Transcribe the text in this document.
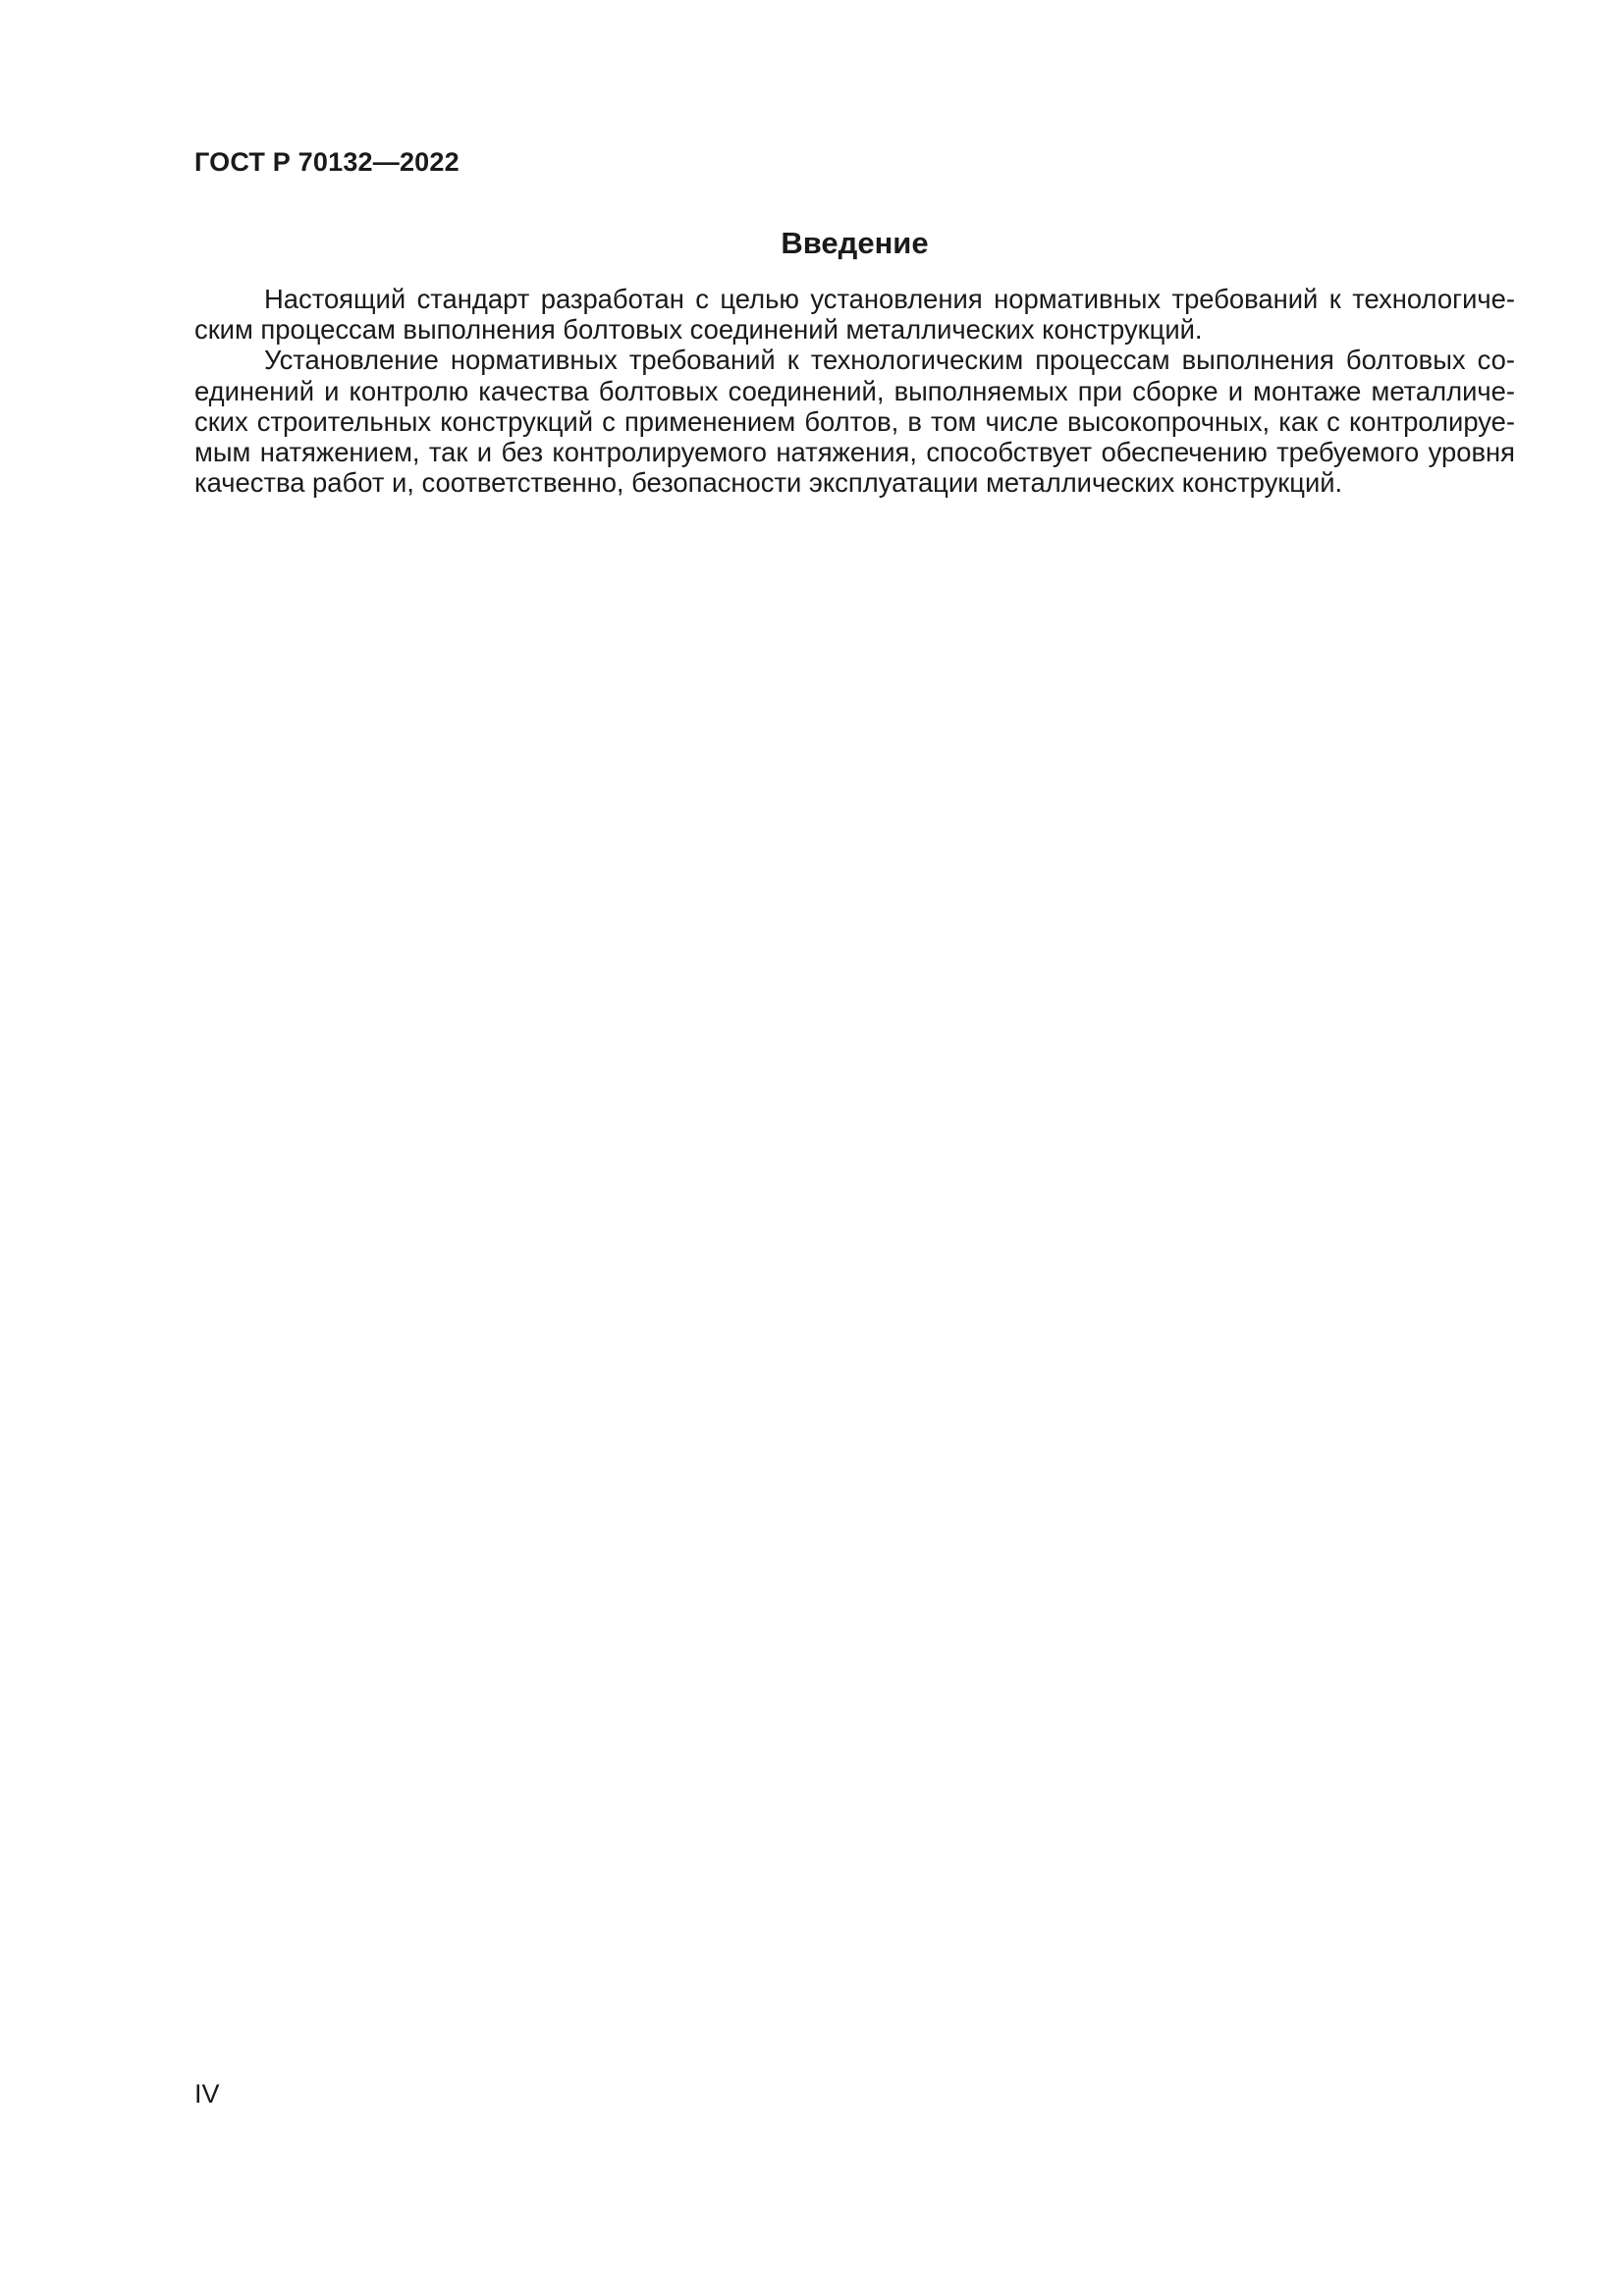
ГОСТ Р 70132—2022
Введение
Настоящий стандарт разработан с целью установления нормативных требований к технологиче-
ским процессам выполнения болтовых соединений металлических конструкций.
Установление нормативных требований к технологическим процессам выполнения болтовых со-
единений и контролю качества болтовых соединений, выполняемых при сборке и монтаже металличе-
ских строительных конструкций с применением болтов, в том числе высокопрочных, как с контролируе-
мым натяжением, так и без контролируемого натяжения, способствует обеспечению требуемого уровня
качества работ и, соответственно, безопасности эксплуатации металлических конструкций.
IV
